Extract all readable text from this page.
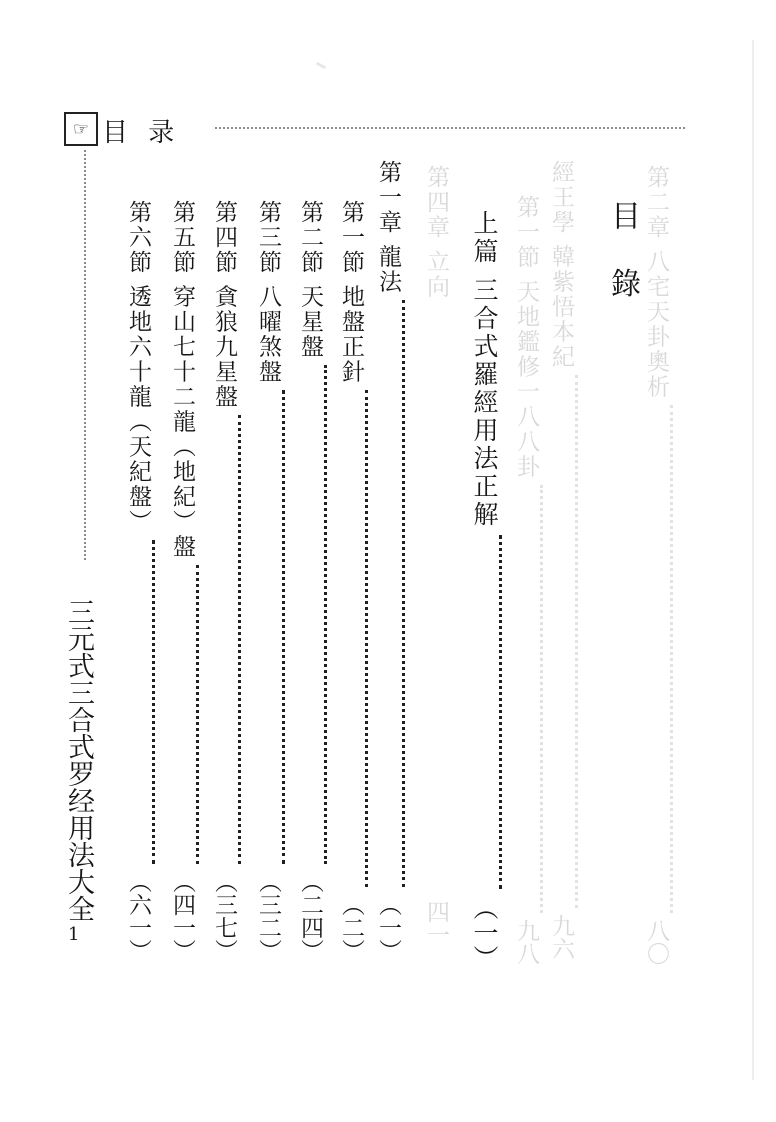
☞ 目 录
三元式三合式罗经用法大全
1
第二章 八宅天卦奧析
八〇
經王學 韓紫悟本紀
九六
第一節 天地鑑修一八八卦
九八
第四章 立向
四一
目 錄
上篇 三合式羅經用法正解
（一）
第一章 龍法
（一）
第一節 地盤正針
（二）
第二節 天星盤
（二四）
第三節 八曜煞盤
（三二）
第四節 貪狼九星盤
（三七）
第五節 穿山七十二龍（地紀）盤
（四一）
第六節 透地六十龍（天紀盤）
（六一）
